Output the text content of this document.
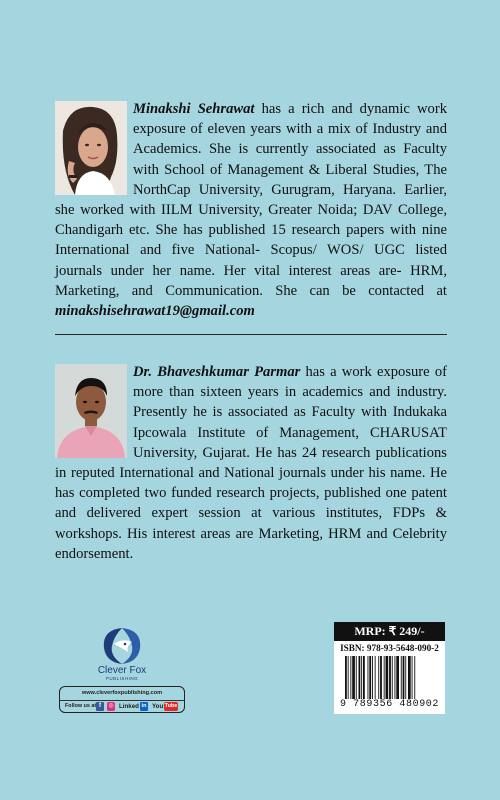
Minakshi Sehrawat has a rich and dynamic work exposure of eleven years with a mix of Industry and Academics. She is currently associated as Faculty with School of Management & Liberal Studies, The NorthCap University, Gurugram, Haryana. Earlier, she worked with IILM University, Greater Noida; DAV College, Chandigarh etc. She has published 15 research papers with nine International and five National- Scopus/ WOS/ UGC listed journals under her name. Her vital interest areas are- HRM, Marketing, and Communication. She can be contacted at minakshisehrawat19@gmail.com
Dr. Bhaveshkumar Parmar has a work exposure of more than sixteen years in academics and industry. Presently he is associated as Faculty with Indukaka Ipcowala Institute of Management, CHARUSAT University, Gujarat. He has 24 research publications in reputed International and National journals under his name. He has completed two funded research projects, published one patent and delivered expert session at various institutes, FDPs & workshops. His interest areas are Marketing, HRM and Celebrity endorsement.
Clever Fox
PUBLISHING
www.cleverfoxpublishing.com
Follow us at f	◎ Linked in You Tube
MRP: ₹ 249/-
ISBN: 978-93-5648-090-2
9 789356 480902
